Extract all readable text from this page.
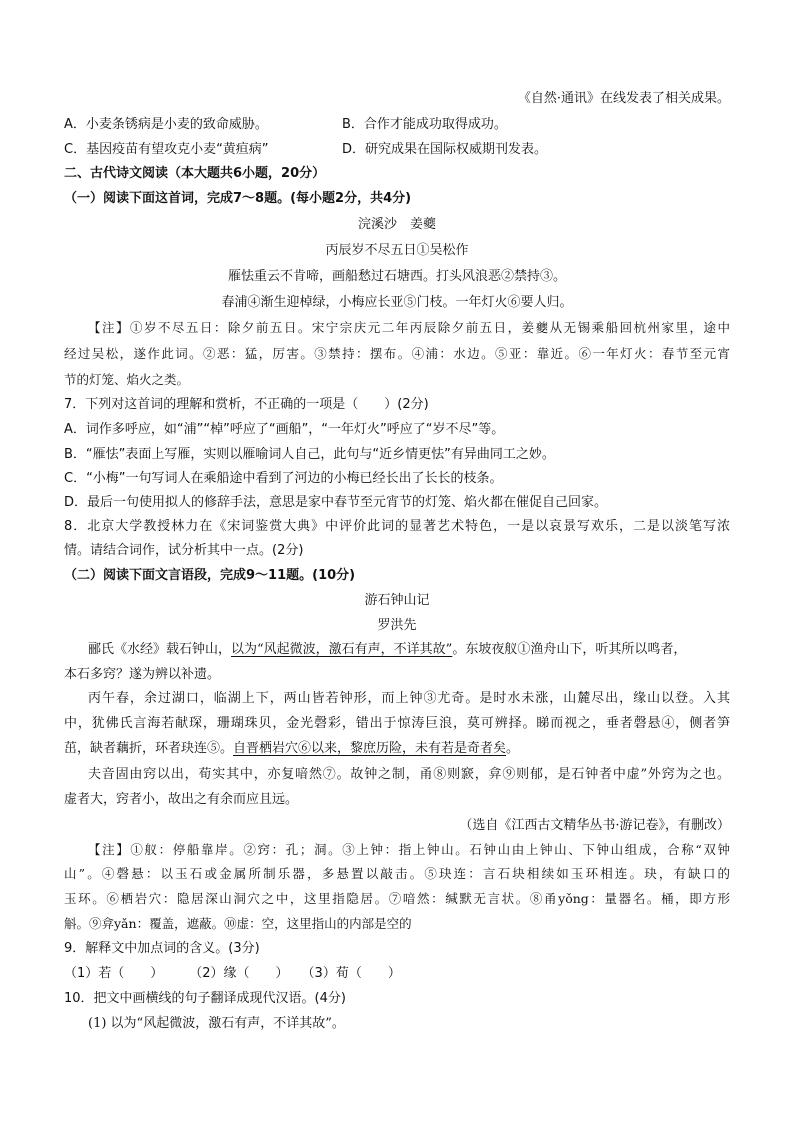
《自然·通讯》在线发表了相关成果。
A．小麦条锈病是小麦的致命威胁。	B．合作才能成功取得成功。
C．基因疫苗有望攻克小麦“黄疸病”	D．研究成果在国际权威期刊发表。
二、古代诗文阅读（本大题共6小题，20分）
（一）阅读下面这首词，完成7～8题。(每小题2分，共4分)
浣溪沙　姜夔
丙辰岁不尽五日①吴松作
雁怯重云不肯啼，画船愁过石塘西。打头风浪恶②禁持③。
春浦④渐生迎棹绿，小梅应长亚⑤门枝。一年灯火⑥要人归。
【注】①岁不尽五日：除夕前五日。宋宁宗庆元二年丙辰除夕前五日，姜夔从无锡乘船回杭州家里，途中
经过吴松，遂作此词。②恶：猛，厉害。③禁持：摆布。④浦：水边。⑤亚：靠近。⑥一年灯火：春节至元宵
节的灯笼、焰火之类。
7．下列对这首词的理解和赏析，不正确的一项是（　　）(2分)
A．词作多呼应，如“浦”“棹”呼应了“画船”，“一年灯火”呼应了“岁不尽”等。
B．“雁怯”表面上写雁，实则以雁喻词人自己，此句与“近乡情更怯”有异曲同工之妙。
C．“小梅”一句写词人在乘船途中看到了河边的小梅已经长出了长长的枝条。
D．最后一句使用拟人的修辞手法，意思是家中春节至元宵节的灯笼、焰火都在催促自己回家。
8．北京大学教授林力在《宋词鉴赏大典》中评价此词的显著艺术特色，一是以哀景写欢乐，二是以淡笔写浓
情。请结合词作，试分析其中一点。(2分)
（二）阅读下面文言语段，完成9～11题。(10分)
游石钟山记
罗洪先
郦氏《水经》载石钟山，以为“风起微波，激石有声，不详其故”。东坡夜舣①渔舟山下，听其所以鸣者，
本石多窍？遂为辨以补遗。
丙午春，余过湖口，临湖上下，两山皆若钟形，而上钟③尤奇。是时水未涨，山麓尽出，缘山以登。入其
中，犹佛氏言海若献琛，珊瑚珠贝，金光磬彩，错出于惊涛巨浪，莫可辨择。睇而视之，垂者磬悬④，侧者笋
茁，缺者藕折，环者玦连⑤。自晋栖岩穴⑥以来，黎庶历险，未有若是奇者矣。
夫音固由窍以出，荀实其中，亦复喑然⑦。故钟之制，甬⑧则窾，弇⑨则郁，是石钟者中虚”外窍为之也。
虚者大，窍者小，故出之有余而应且远。
（选自《江西古文精华丛书·游记卷》，有删改）
【注】①舣：停船靠岸。②窍：孔；洞。③上钟：指上钟山。石钟山由上钟山、下钟山组成，合称“双钟
山”。④磬悬：以玉石或金属所制乐器，多悬置以敲击。⑤玦连：言石块相续如玉环相连。玦，有缺口的
玉环。⑥栖岩穴：隐居深山洞穴之中，这里指隐居。⑦喑然：缄默无言状。⑧甬yǒng：量器名。桶，即方形
斛。⑨弇yǎn：覆盖，遮蔽。⑩虚：空，这里指山的内部是空的
9．解释文中加点词的含义。(3分)
（1）若（　　）　　　（2）缘（　　）　　（3）荀（　　）
10．把文中画横线的句子翻译成现代汉语。(4分)
(1) 以为“风起微波，激石有声，不详其故”。
